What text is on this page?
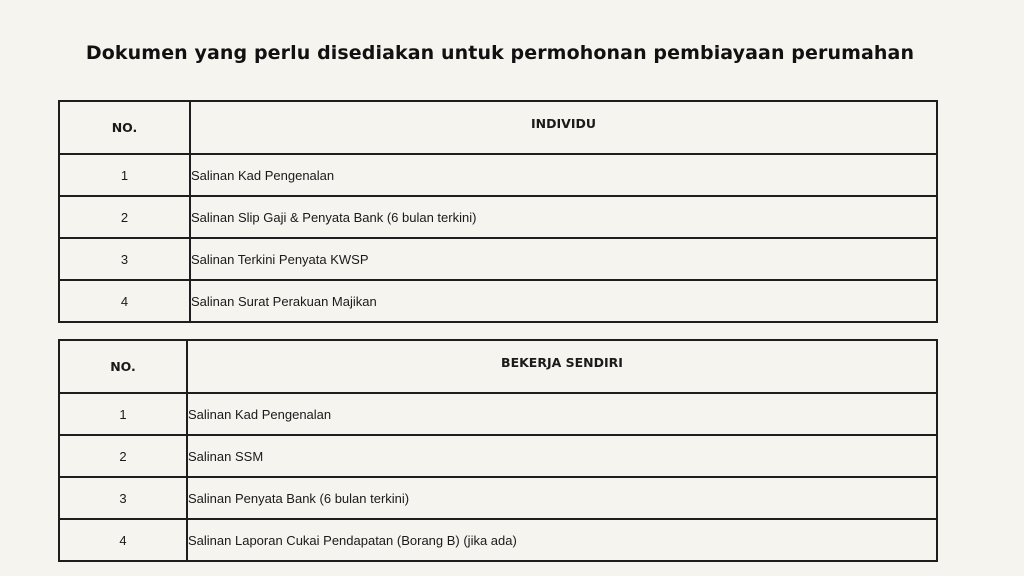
Dokumen yang perlu disediakan untuk permohonan pembiayaan perumahan
NO.	INDIVIDU
1	Salinan Kad Pengenalan
2	Salinan Slip Gaji & Penyata Bank (6 bulan terkini)
3	Salinan Terkini Penyata KWSP
4	Salinan Surat Perakuan Majikan
NO.	BEKERJA SENDIRI
1	Salinan Kad Pengenalan
2	Salinan SSM
3	Salinan Penyata Bank (6 bulan terkini)
4	Salinan Laporan Cukai Pendapatan (Borang B) (jika ada)
